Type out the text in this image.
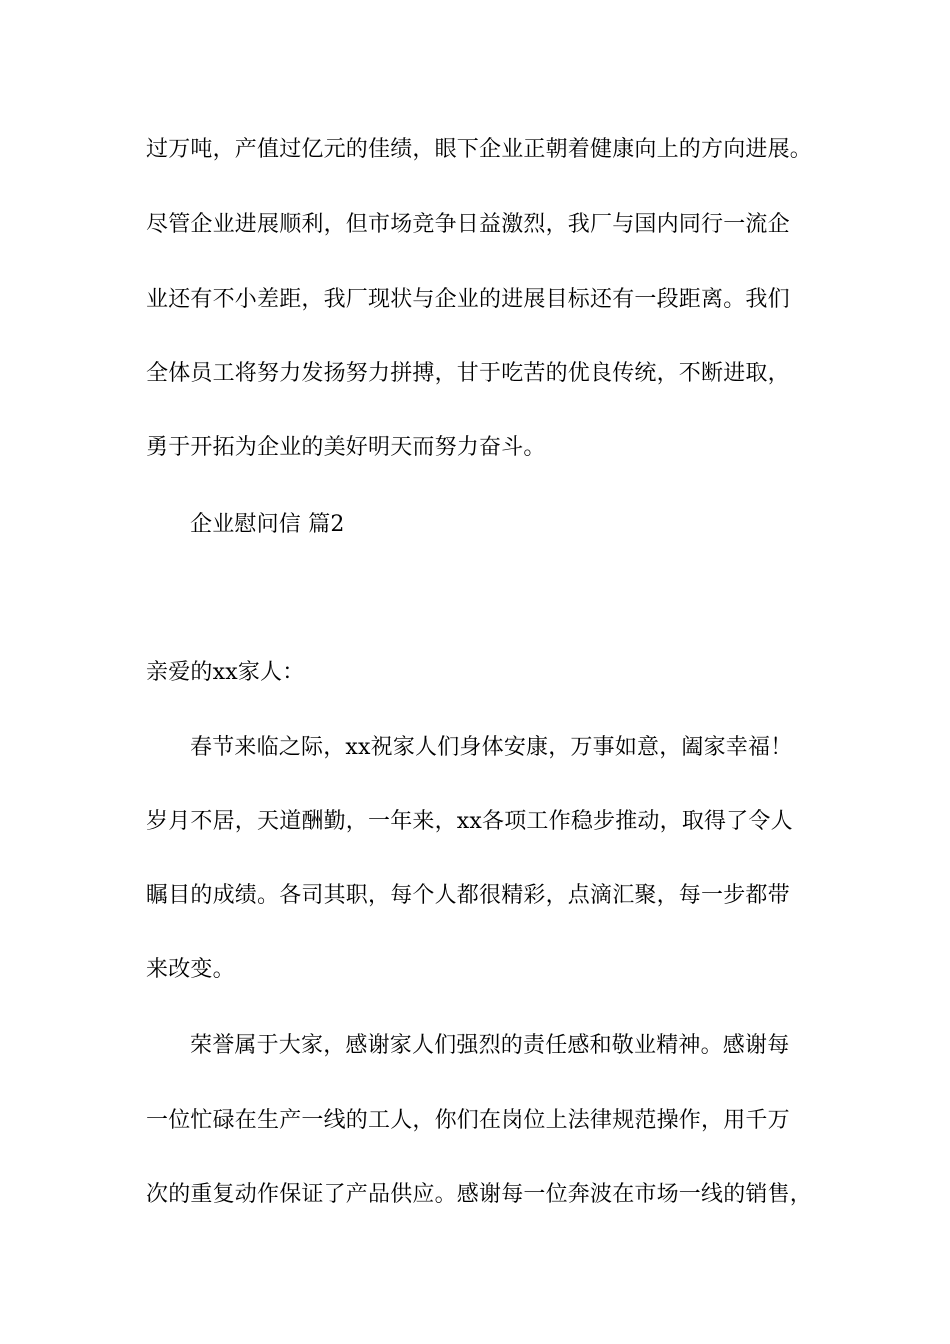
过万吨，产值过亿元的佳绩，眼下企业正朝着健康向上的方向进展。
尽管企业进展顺利，但市场竞争日益激烈，我厂与国内同行一流企
业还有不小差距，我厂现状与企业的进展目标还有一段距离。我们
全体员工将努力发扬努力拼搏，甘于吃苦的优良传统，不断进取，
勇于开拓为企业的美好明天而努力奋斗。
企业慰问信 篇2
亲爱的xx家人：
春节来临之际，xx祝家人们身体安康，万事如意，阖家幸福！
岁月不居，天道酬勤，一年来，xx各项工作稳步推动，取得了令人
瞩目的成绩。各司其职，每个人都很精彩，点滴汇聚，每一步都带
来改变。
荣誉属于大家，感谢家人们强烈的责任感和敬业精神。感谢每
一位忙碌在生产一线的工人，你们在岗位上法律规范操作，用千万
次的重复动作保证了产品供应。感谢每一位奔波在市场一线的销售，
